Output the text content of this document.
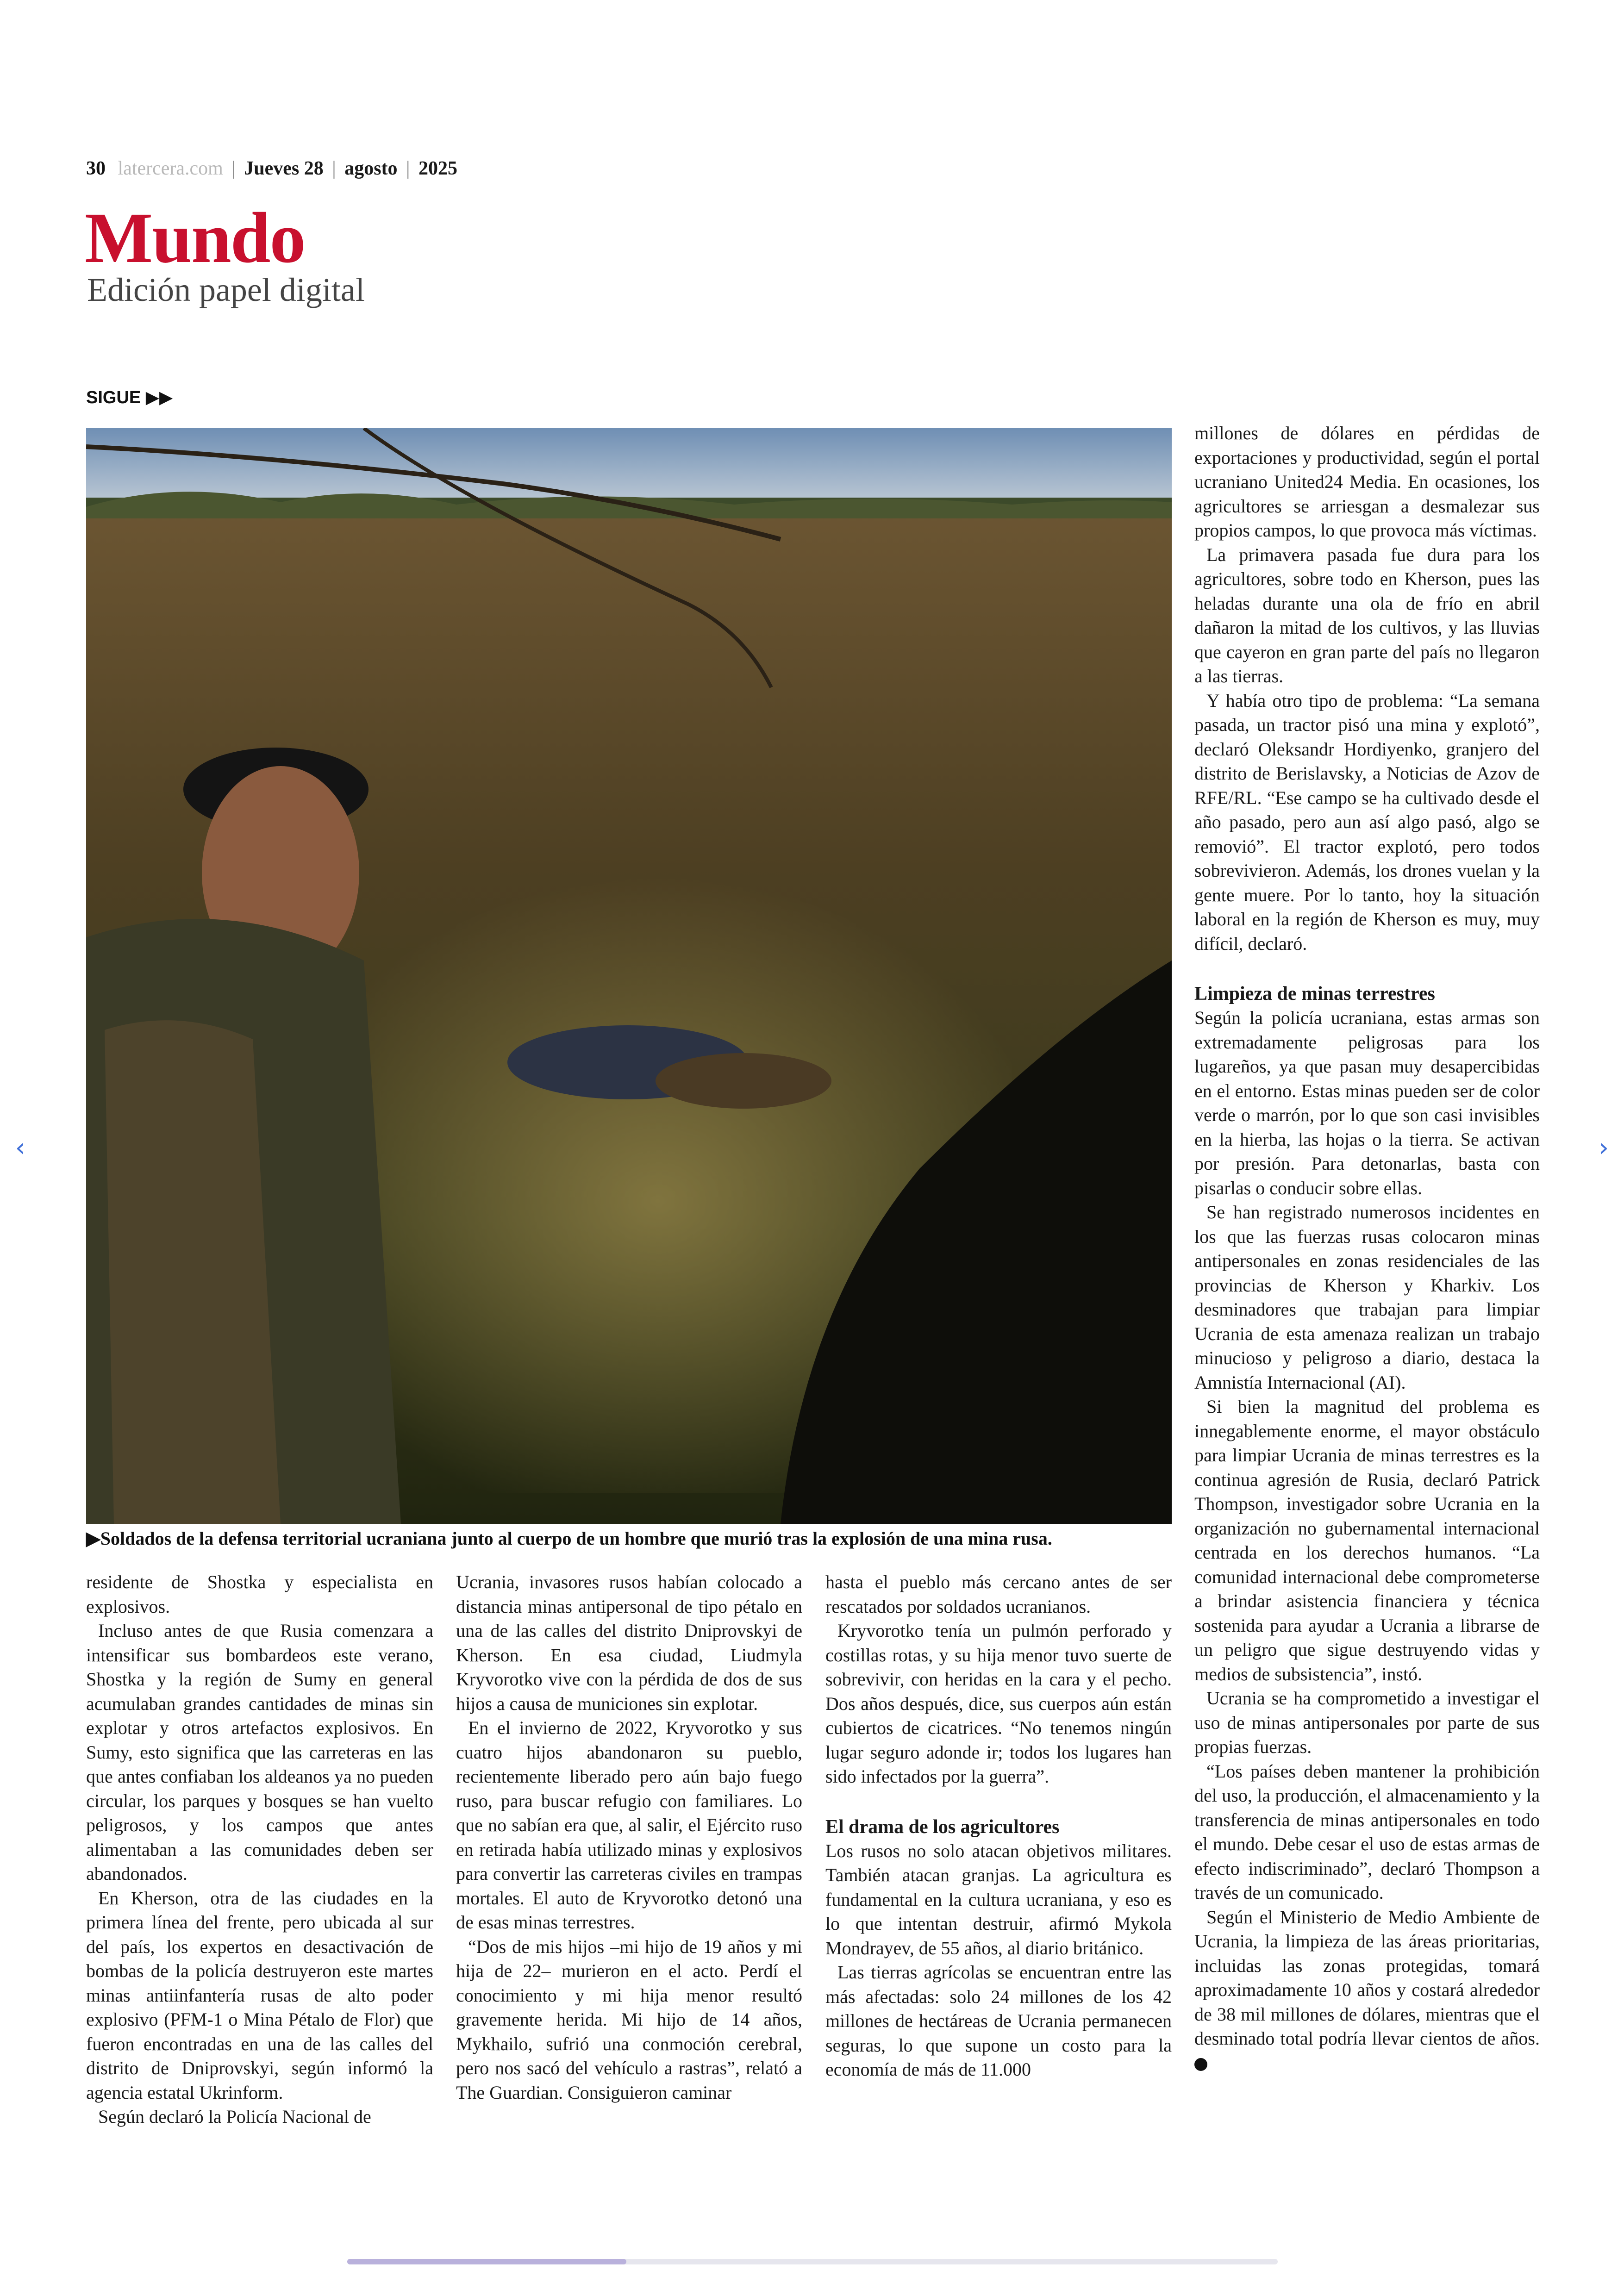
30 latercera.com | Jueves 28 | agosto | 2025
Mundo
Edición papel digital
SIGUE ▶▶
▶Soldados de la defensa territorial ucraniana junto al cuerpo de un hombre que murió tras la explosión de una mina rusa.

residente de Shostka y especialista en explosivos.

Incluso antes de que Rusia comenzara a intensificar sus bombardeos este verano, Shostka y la región de Sumy en general acumulaban grandes cantidades de minas sin explotar y otros artefactos explosivos. En Sumy, esto significa que las carreteras en las que antes confiaban los aldeanos ya no pueden circular, los parques y bosques se han vuelto peligrosos, y los campos que antes alimentaban a las comunidades deben ser abandonados.

En Kherson, otra de las ciudades en la primera línea del frente, pero ubicada al sur del país, los expertos en desactivación de bombas de la policía destruyeron este martes minas antiinfantería rusas de alto poder explosivo (PFM-1 o Mina Pétalo de Flor) que fueron encontradas en una de las calles del distrito de Dniprovskyi, según informó la agencia estatal Ukrinform.

Según declaró la Policía Nacional de

Ucrania, invasores rusos habían colocado a distancia minas antipersonal de tipo pétalo en una de las calles del distrito Dniprovskyi de Kherson. En esa ciudad, Liudmyla Kryvorotko vive con la pérdida de dos de sus hijos a causa de municiones sin explotar.

En el invierno de 2022, Kryvorotko y sus cuatro hijos abandonaron su pueblo, recientemente liberado pero aún bajo fuego ruso, para buscar refugio con familiares. Lo que no sabían era que, al salir, el Ejército ruso en retirada había utilizado minas y explosivos para convertir las carreteras civiles en trampas mortales. El auto de Kryvorotko detonó una de esas minas terrestres.

“Dos de mis hijos –mi hijo de 19 años y mi hija de 22– murieron en el acto. Perdí el conocimiento y mi hija menor resultó gravemente herida. Mi hijo de 14 años, Mykhailo, sufrió una conmoción cerebral, pero nos sacó del vehículo a rastras”, relató a The Guardian. Consiguieron caminar

hasta el pueblo más cercano antes de ser rescatados por soldados ucranianos.

Kryvorotko tenía un pulmón perforado y costillas rotas, y su hija menor tuvo suerte de sobrevivir, con heridas en la cara y el pecho. Dos años después, dice, sus cuerpos aún están cubiertos de cicatrices. “No tenemos ningún lugar seguro adonde ir; todos los lugares han sido infectados por la guerra”.

El drama de los agricultores

Los rusos no solo atacan objetivos militares. También atacan granjas. La agricultura es fundamental en la cultura ucraniana, y eso es lo que intentan destruir, afirmó Mykola Mondrayev, de 55 años, al diario británico.

Las tierras agrícolas se encuentran entre las más afectadas: solo 24 millones de los 42 millones de hectáreas de Ucrania permanecen seguras, lo que supone un costo para la economía de más de 11.000

millones de dólares en pérdidas de exportaciones y productividad, según el portal ucraniano United24 Media. En ocasiones, los agricultores se arriesgan a desmalezar sus propios campos, lo que provoca más víctimas.

La primavera pasada fue dura para los agricultores, sobre todo en Kherson, pues las heladas durante una ola de frío en abril dañaron la mitad de los cultivos, y las lluvias que cayeron en gran parte del país no llegaron a las tierras.

Y había otro tipo de problema: “La semana pasada, un tractor pisó una mina y explotó”, declaró Oleksandr Hordiyenko, granjero del distrito de Berislavsky, a Noticias de Azov de RFE/RL. “Ese campo se ha cultivado desde el año pasado, pero aun así algo pasó, algo se removió”. El tractor explotó, pero todos sobrevivieron. Además, los drones vuelan y la gente muere. Por lo tanto, hoy la situación laboral en la región de Kherson es muy, muy difícil, declaró.

Limpieza de minas terrestres

Según la policía ucraniana, estas armas son extremadamente peligrosas para los lugareños, ya que pasan muy desapercibidas en el entorno. Estas minas pueden ser de color verde o marrón, por lo que son casi invisibles en la hierba, las hojas o la tierra. Se activan por presión. Para detonarlas, basta con pisarlas o conducir sobre ellas.

Se han registrado numerosos incidentes en los que las fuerzas rusas colocaron minas antipersonales en zonas residenciales de las provincias de Kherson y Kharkiv. Los desminadores que trabajan para limpiar Ucrania de esta amenaza realizan un trabajo minucioso y peligroso a diario, destaca la Amnistía Internacional (AI).

Si bien la magnitud del problema es innegablemente enorme, el mayor obstáculo para limpiar Ucrania de minas terrestres es la continua agresión de Rusia, declaró Patrick Thompson, investigador sobre Ucrania en la organización no gubernamental internacional centrada en los derechos humanos. “La comunidad internacional debe comprometerse a brindar asistencia financiera y técnica sostenida para ayudar a Ucrania a librarse de un peligro que sigue destruyendo vidas y medios de subsistencia”, instó.

Ucrania se ha comprometido a investigar el uso de minas antipersonales por parte de sus propias fuerzas.

“Los países deben mantener la prohibición del uso, la producción, el almacenamiento y la transferencia de minas antipersonales en todo el mundo. Debe cesar el uso de estas armas de efecto indiscriminado”, declaró Thompson a través de un comunicado.

Según el Ministerio de Medio Ambiente de Ucrania, la limpieza de las áreas prioritarias, incluidas las zonas protegidas, tomará aproximadamente 10 años y costará alrededor de 38 mil millones de dólares, mientras que el desminado total podría llevar cientos de años.

‹	›
